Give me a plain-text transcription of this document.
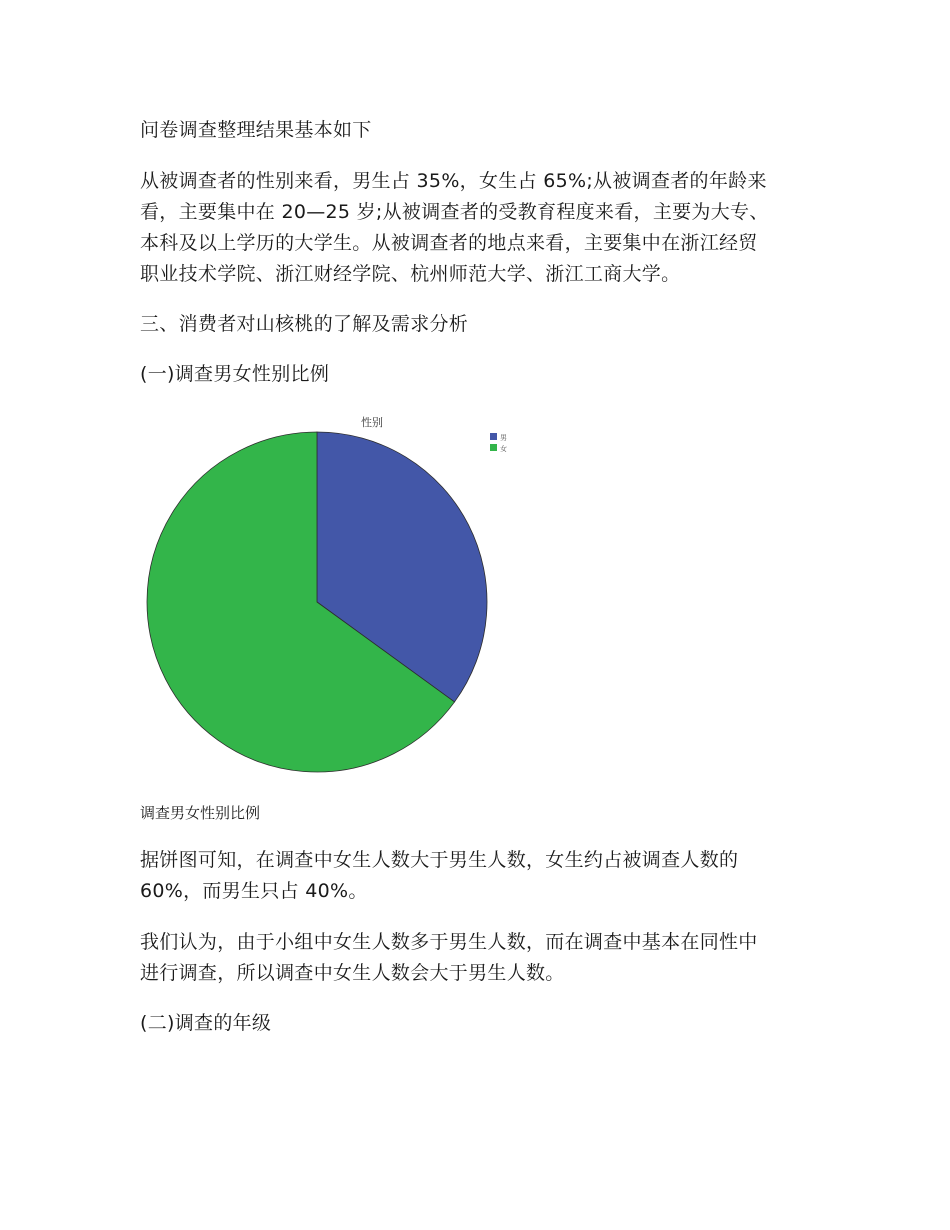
问卷调查整理结果基本如下

从被调查者的性别来看，男生占 35%，女生占 65%;从被调查者的年龄来
看，主要集中在 20—25 岁;从被调查者的受教育程度来看，主要为大专、
本科及以上学历的大学生。从被调查者的地点来看，主要集中在浙江经贸
职业技术学院、浙江财经学院、杭州师范大学、浙江工商大学。

三、消费者对山核桃的了解及需求分析

(一)调查男女性别比例

调查男女性别比例

据饼图可知，在调查中女生人数大于男生人数，女生约占被调查人数的
60%，而男生只占 40%。

我们认为，由于小组中女生人数多于男生人数，而在调查中基本在同性中
进行调查，所以调查中女生人数会大于男生人数。

(二)调查的年级

性别
男
女
